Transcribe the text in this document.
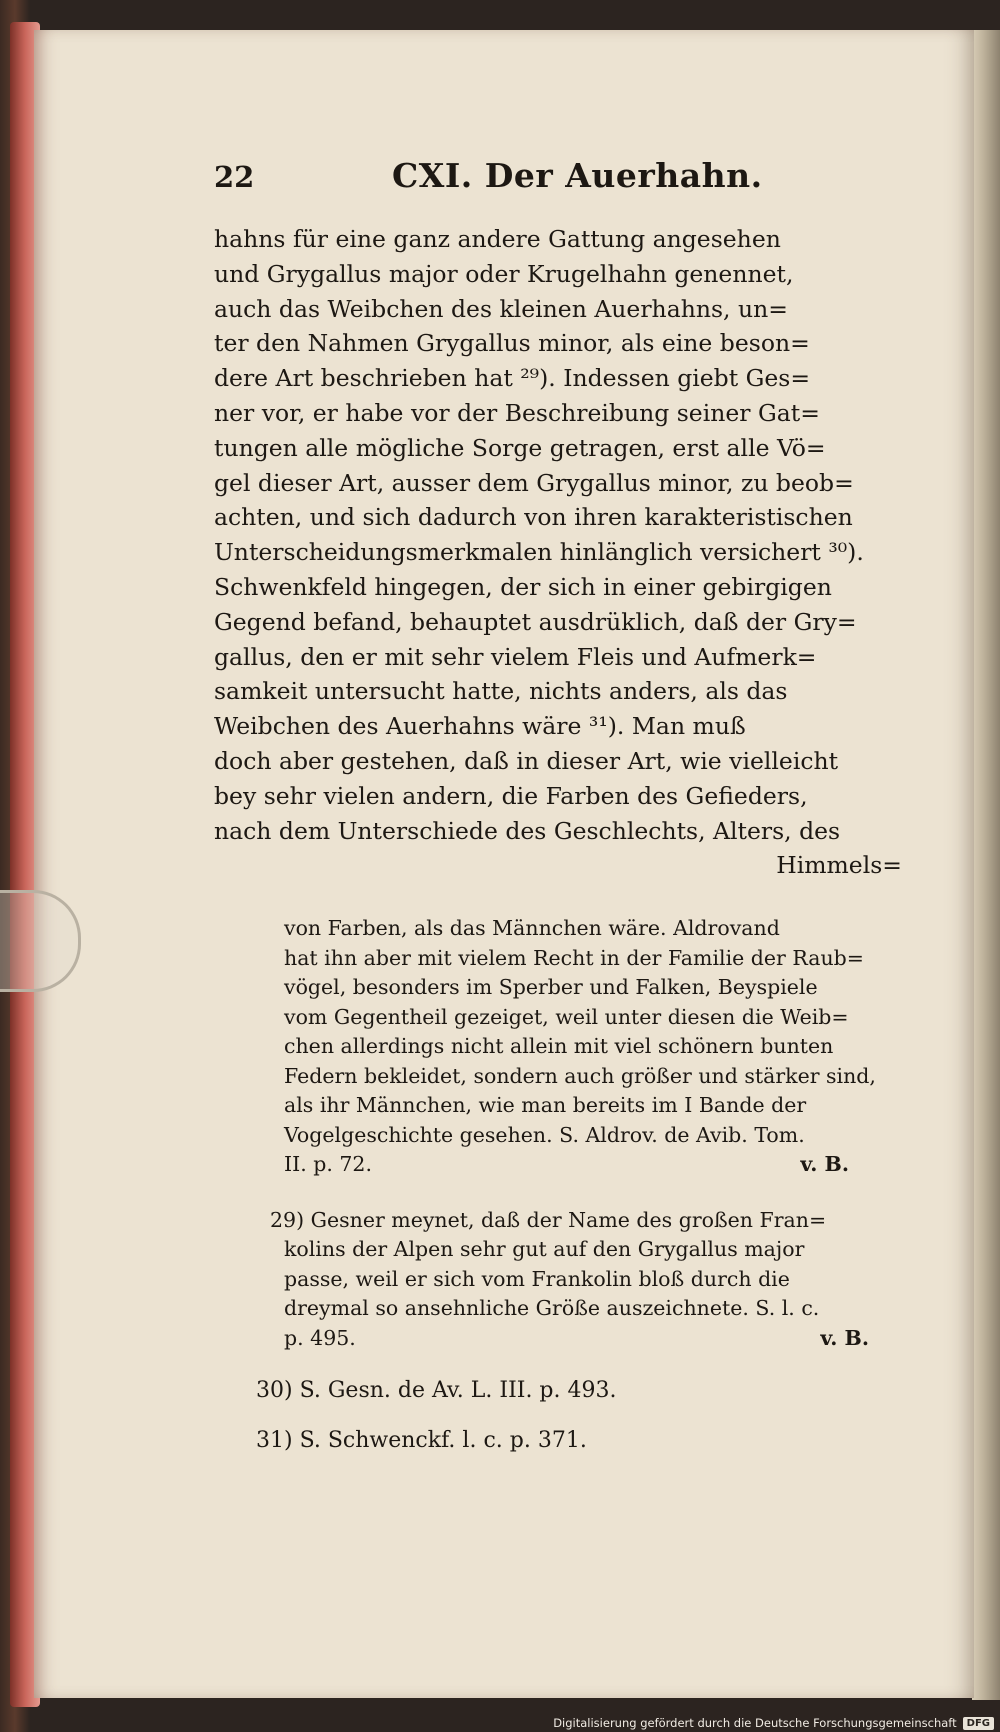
22	CXI. Der Auerhahn.

hahns für eine ganz andere Gattung angesehen
und Grygallus major oder Krugelhahn genennet,
auch das Weibchen des kleinen Auerhahns, un=
ter den Nahmen Grygallus minor, als eine beson=
dere Art beschrieben hat ²⁹). Indessen giebt Ges=
ner vor, er habe vor der Beschreibung seiner Gat=
tungen alle mögliche Sorge getragen, erst alle Vö=
gel dieser Art, ausser dem Grygallus minor, zu beob=
achten, und sich dadurch von ihren karakteristischen
Unterscheidungsmerkmalen hinlänglich versichert ³⁰).
Schwenkfeld hingegen, der sich in einer gebirgigen
Gegend befand, behauptet ausdrüklich, daß der Gry=
gallus, den er mit sehr vielem Fleis und Aufmerk=
samkeit untersucht hatte, nichts anders, als das
Weibchen des Auerhahns wäre ³¹). Man muß
doch aber gestehen, daß in dieser Art, wie vielleicht
bey sehr vielen andern, die Farben des Gefieders,
nach dem Unterschiede des Geschlechts, Alters, des

Himmels=
von Farben, als das Männchen wäre. Aldrovand
hat ihn aber mit vielem Recht in der Familie der Raub=
vögel, besonders im Sperber und Falken, Beyspiele
vom Gegentheil gezeiget, weil unter diesen die Weib=
chen allerdings nicht allein mit viel schönern bunten
Federn bekleidet, sondern auch größer und stärker sind,
als ihr Männchen, wie man bereits im I Bande der
Vogelgeschichte gesehen. S. Aldrov. de Avib. Tom.
II. p. 72.	v. B.
29) Gesner meynet, daß der Name des großen Fran=
kolins der Alpen sehr gut auf den Grygallus major
passe, weil er sich vom Frankolin bloß durch die
dreymal so ansehnliche Größe auszeichnete. S. l. c.
p. 495.	v. B.
30) S. Gesn. de Av. L. III. p. 493.
31) S. Schwenckf. l. c. p. 371.
Digitalisierung gefördert durch die Deutsche Forschungsgemeinschaft	DFG
